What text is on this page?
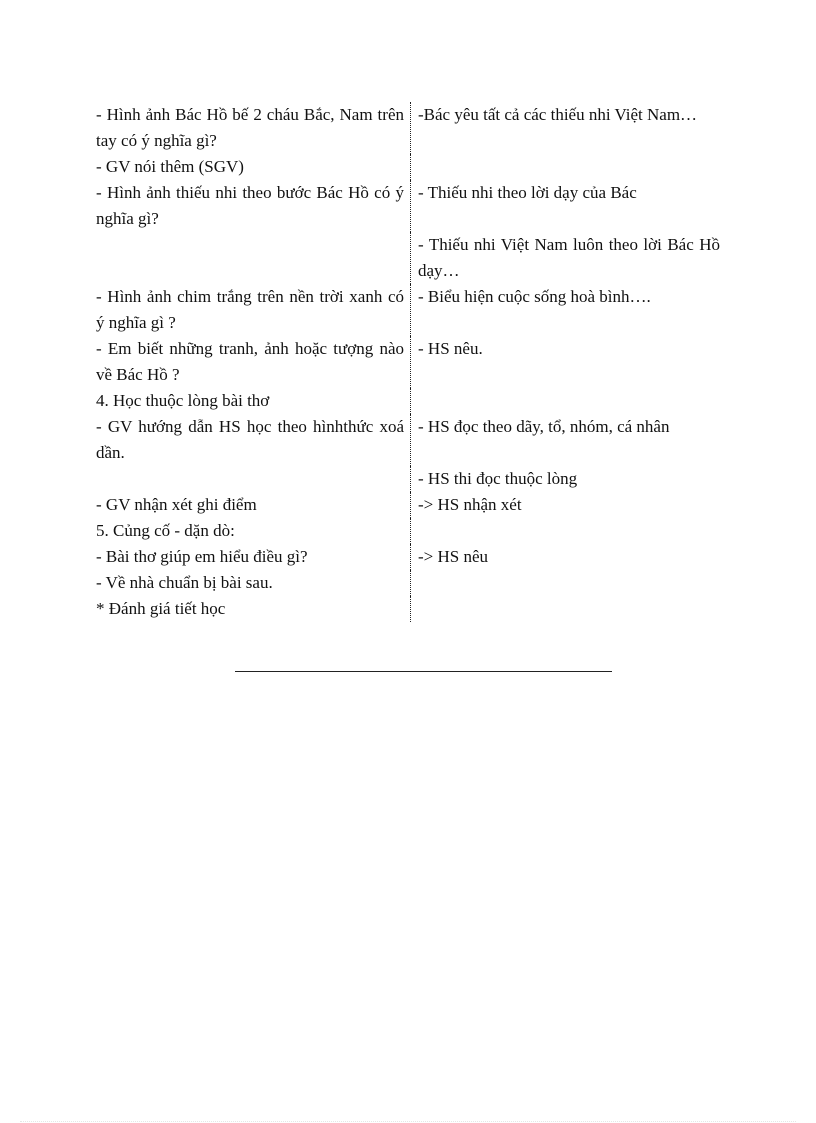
- Hình ảnh Bác Hồ bế 2 cháu Bắc, Nam trên tay có ý nghĩa gì?
-Bác yêu tất cả các thiếu nhi Việt Nam…
- GV nói thêm (SGV)
- Hình ảnh thiếu nhi theo bước Bác Hồ có ý nghĩa gì?
- Thiếu nhi theo lời dạy của Bác
- Thiếu nhi Việt Nam luôn theo lời Bác Hồ dạy…
- Hình ảnh chim trắng trên nền trời xanh có ý nghĩa gì ?
- Biểu hiện cuộc sống hoà bình….
- Em biết những tranh, ảnh hoặc tượng nào về Bác Hồ ?
- HS nêu.
4. Học thuộc lòng bài thơ
- GV hướng dẫn HS học theo hìnhthức xoá dần.
- HS đọc theo dãy, tổ, nhóm, cá nhân
- HS thi đọc thuộc lòng
- GV nhận xét ghi điểm	-> HS nhận xét
5. Củng cố - dặn dò:
- Bài thơ giúp em hiểu điều gì?	-> HS nêu
- Về nhà chuẩn bị bài sau.
* Đánh giá tiết học
